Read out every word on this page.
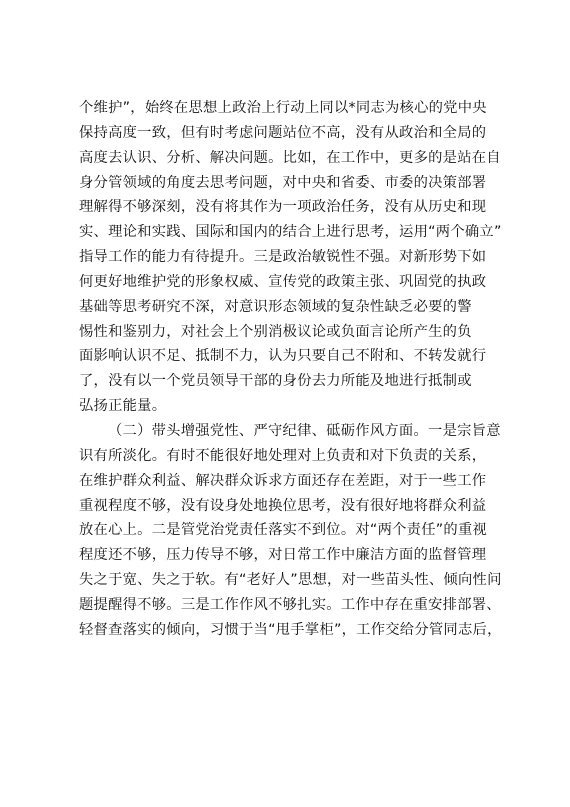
个维护”，始终在思想上政治上行动上同以*同志为核心的党中央
保持高度一致，但有时考虑问题站位不高，没有从政治和全局的
高度去认识、分析、解决问题。比如，在工作中，更多的是站在自
身分管领域的角度去思考问题，对中央和省委、市委的决策部署
理解得不够深刻，没有将其作为一项政治任务，没有从历史和现
实、理论和实践、国际和国内的结合上进行思考，运用“两个确立”
指导工作的能力有待提升。三是政治敏锐性不强。对新形势下如
何更好地维护党的形象权威、宣传党的政策主张、巩固党的执政
基础等思考研究不深，对意识形态领域的复杂性缺乏必要的警
惕性和鉴别力，对社会上个别消极议论或负面言论所产生的负
面影响认识不足、抵制不力，认为只要自己不附和、不转发就行
了，没有以一个党员领导干部的身份去力所能及地进行抵制或
弘扬正能量。
（二）带头增强党性、严守纪律、砥砺作风方面。一是宗旨意
识有所淡化。有时不能很好地处理对上负责和对下负责的关系，
在维护群众利益、解决群众诉求方面还存在差距，对于一些工作
重视程度不够，没有设身处地换位思考，没有很好地将群众利益
放在心上。二是管党治党责任落实不到位。对“两个责任”的重视
程度还不够，压力传导不够，对日常工作中廉洁方面的监督管理
失之于宽、失之于软。有“老好人”思想，对一些苗头性、倾向性问
题提醒得不够。三是工作作风不够扎实。工作中存在重安排部署、
轻督查落实的倾向，习惯于当“甩手掌柜”，工作交给分管同志后，
